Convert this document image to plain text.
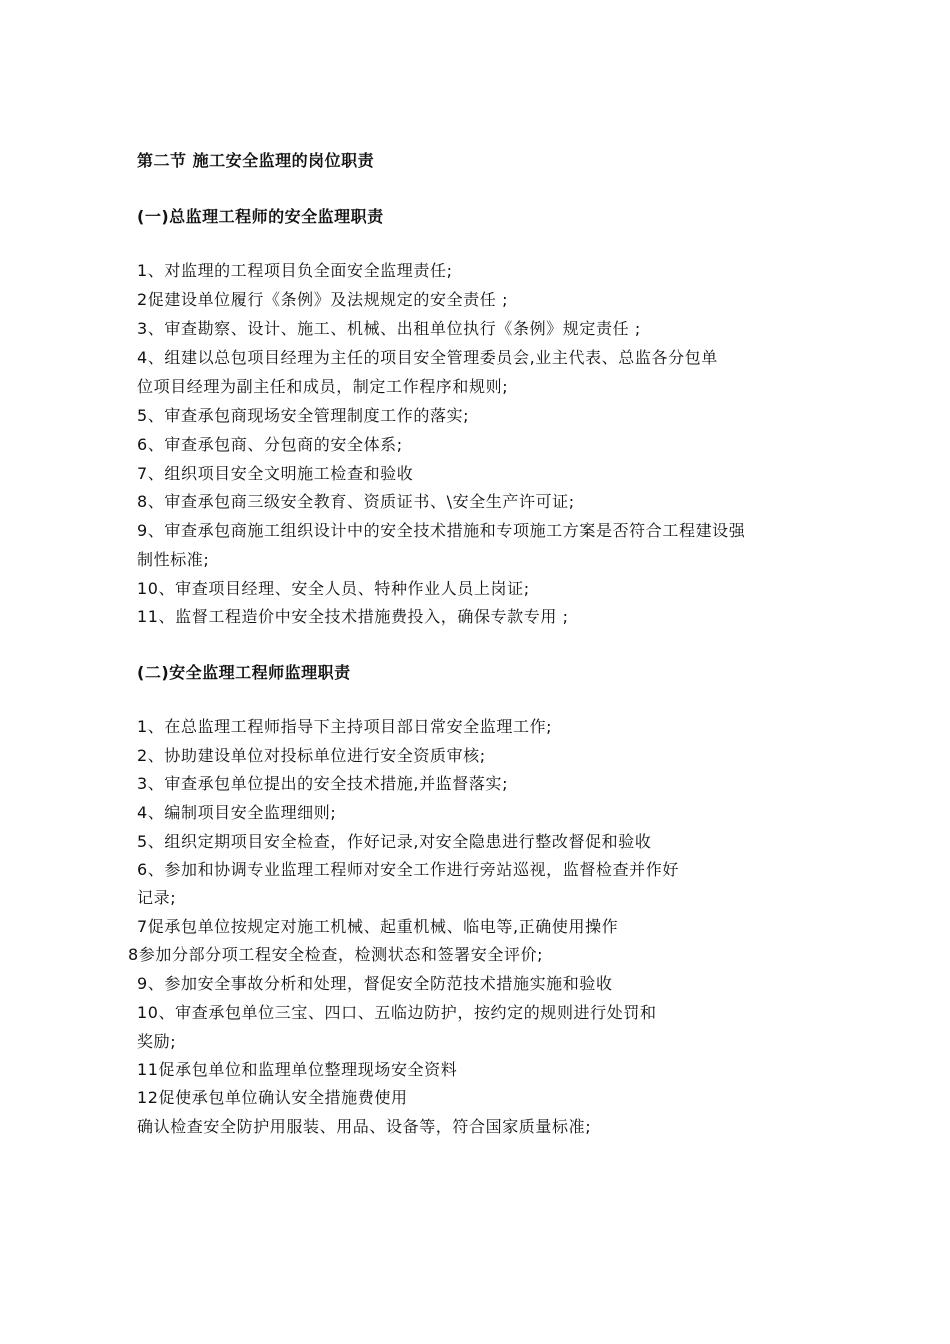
第二节 施工安全监理的岗位职责
(一)总监理工程师的安全监理职责
1、对监理的工程项目负全面安全监理责任;
2促建设单位履行《条例》及法规规定的安全责任 ;
3、审查勘察、设计、施工、机械、出租单位执行《条例》规定责任 ;
4、组建以总包项目经理为主任的项目安全管理委员会,业主代表、总监各分包单
位项目经理为副主任和成员，制定工作程序和规则;
5、审查承包商现场安全管理制度工作的落实;
6、审查承包商、分包商的安全体系;
7、组织项目安全文明施工检查和验收
8、审查承包商三级安全教育、资质证书、\安全生产许可证;
9、审查承包商施工组织设计中的安全技术措施和专项施工方案是否符合工程建设强
制性标准;
10、审查项目经理、安全人员、特种作业人员上岗证;
11、监督工程造价中安全技术措施费投入，确保专款专用 ;
(二)安全监理工程师监理职责
1、在总监理工程师指导下主持项目部日常安全监理工作;
2、协助建设单位对投标单位进行安全资质审核;
3、审查承包单位提出的安全技术措施,并监督落实;
4、编制项目安全监理细则;
5、组织定期项目安全检查，作好记录,对安全隐患进行整改督促和验收
6、参加和协调专业监理工程师对安全工作进行旁站巡视，监督检查并作好
记录;
7促承包单位按规定对施工机械、起重机械、临电等,正确使用操作
8参加分部分项工程安全检查，检测状态和签署安全评价;
9、参加安全事故分析和处理，督促安全防范技术措施实施和验收
10、审查承包单位三宝、四口、五临边防护，按约定的规则进行处罚和
奖励;
11促承包单位和监理单位整理现场安全资料
12促使承包单位确认安全措施费使用
确认检查安全防护用服装、用品、设备等，符合国家质量标准;
